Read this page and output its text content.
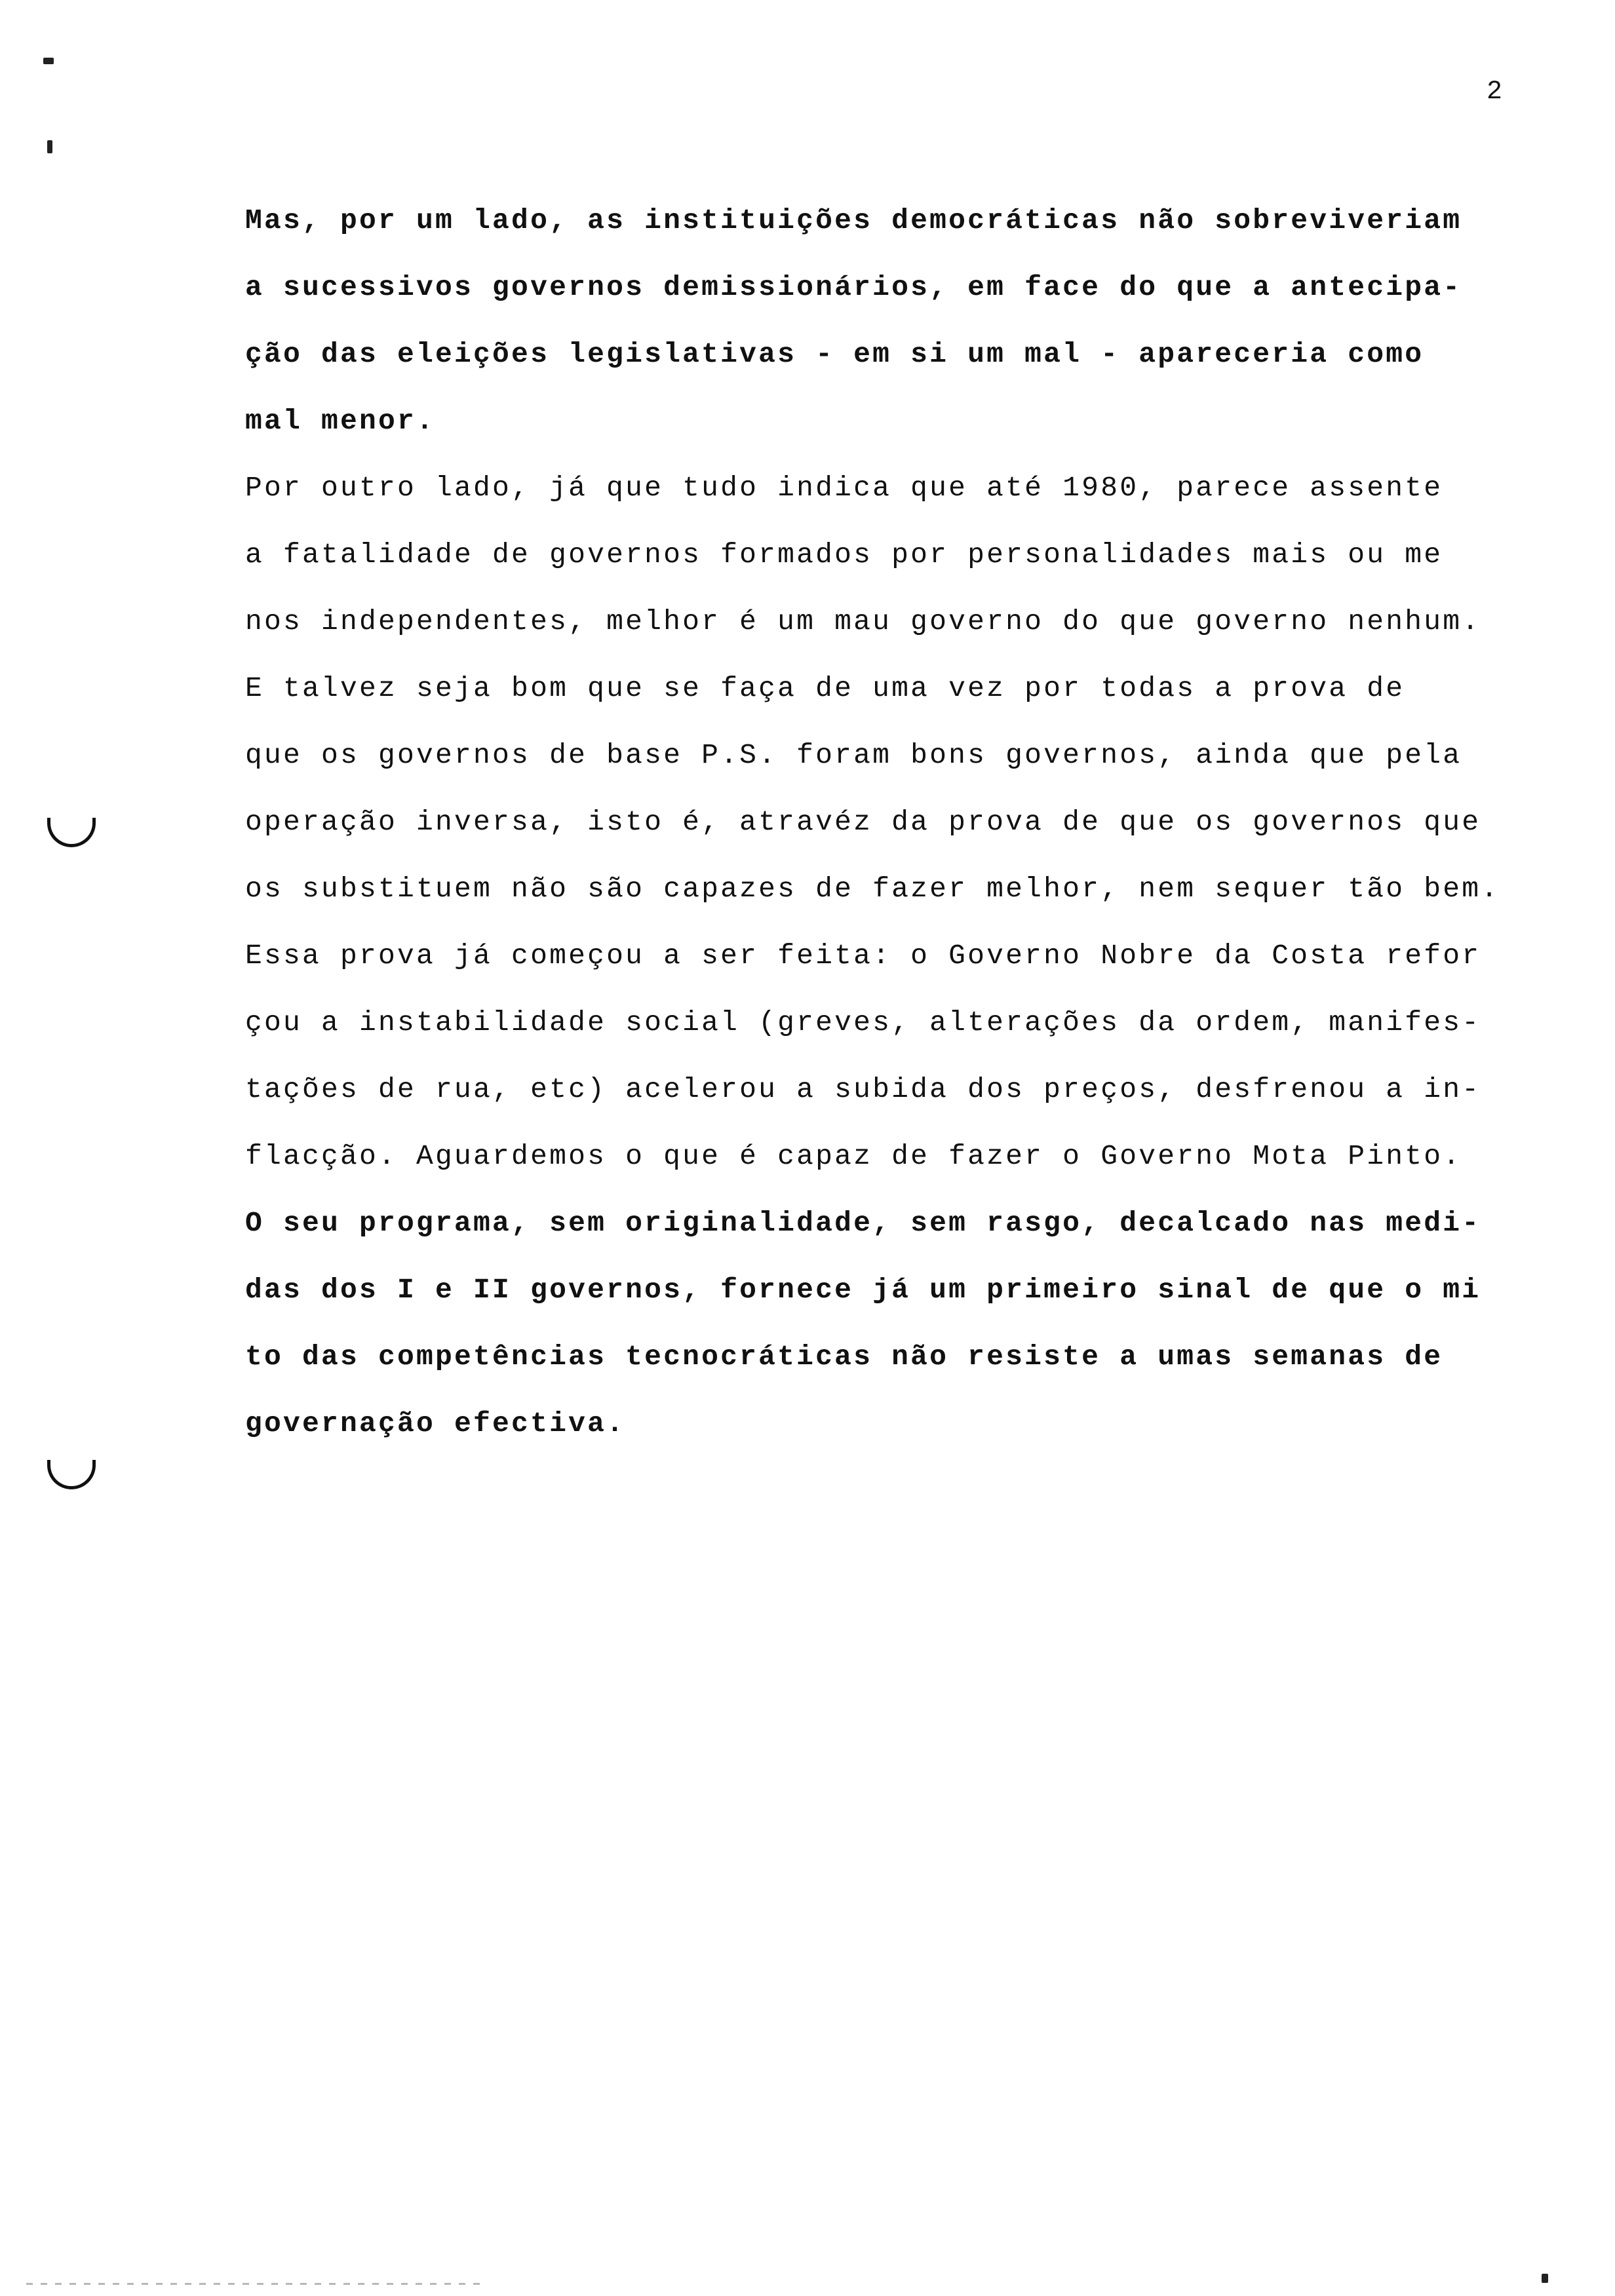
2
Mas, por um lado, as instituições democráticas não sobreviveriam
a sucessivos governos demissionários, em face do que a antecipa-
ção das eleições legislativas - em si um mal - apareceria como
mal menor.
Por outro lado, já que tudo indica que até 1980, parece assente
a fatalidade de governos formados por personalidades mais ou me
nos independentes, melhor é um mau governo do que governo nenhum.
E talvez seja bom que se faça de uma vez por todas a prova de
que os governos de base P.S. foram bons governos, ainda que pela
operação inversa, isto é, atravéz da prova de que os governos que
os substituem não são capazes de fazer melhor, nem sequer tão bem.
Essa prova já começou a ser feita: o Governo Nobre da Costa refor
çou a instabilidade social (greves, alterações da ordem, manifes-
tações de rua, etc) acelerou a subida dos preços, desfrenou a in-
flacção. Aguardemos o que é capaz de fazer o Governo Mota Pinto.
O seu programa, sem originalidade, sem rasgo, decalcado nas medi-
das dos I e II governos, fornece já um primeiro sinal de que o mi
to das competências tecnocráticas não resiste a umas semanas de
governação efectiva.
